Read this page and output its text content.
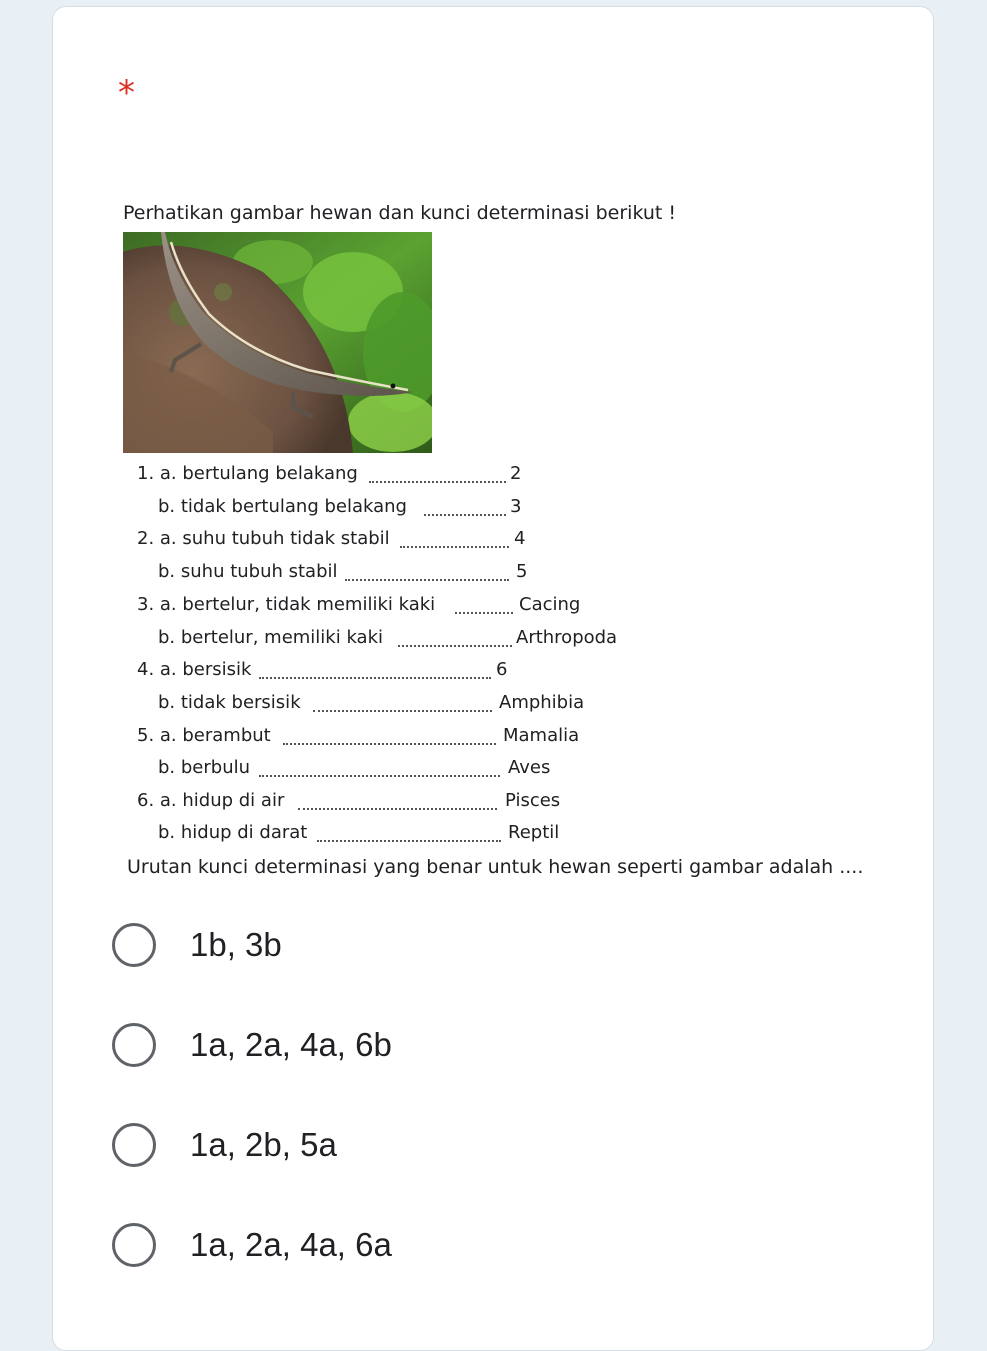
*
Perhatikan gambar hewan dan kunci determinasi berikut !
1. a. bertulang belakang	2
b. tidak bertulang belakang	3
2. a. suhu tubuh tidak stabil	4
b. suhu tubuh stabil	5
3. a. bertelur, tidak memiliki kaki	Cacing
b. bertelur, memiliki kaki	Arthropoda
4. a. bersisik	6
b. tidak bersisik	Amphibia
5. a. berambut	Mamalia
b. berbulu	Aves
6. a. hidup di air	Pisces
b. hidup di darat	Reptil
Urutan kunci determinasi yang benar untuk hewan seperti gambar adalah ....
1b, 3b
1a, 2a, 4a, 6b
1a, 2b, 5a
1a, 2a, 4a, 6a
